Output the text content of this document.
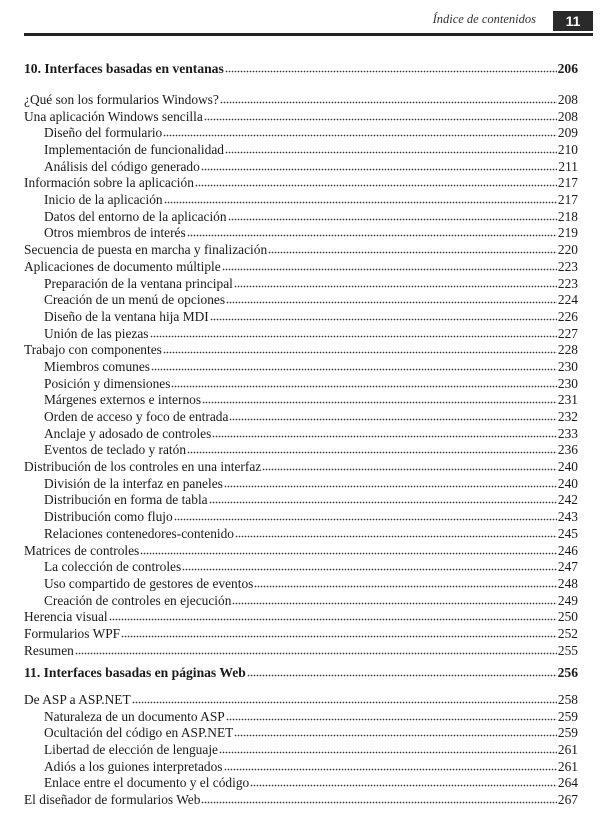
Índice de contenidos	11
10. Interfaces basadas en ventanas	206
¿Qué son los formularios Windows?	208
Una aplicación Windows sencilla	208
Diseño del formulario	209
Implementación de funcionalidad	210
Análisis del código generado	211
Información sobre la aplicación	217
Inicio de la aplicación	217
Datos del entorno de la aplicación	218
Otros miembros de interés	219
Secuencia de puesta en marcha y finalización	220
Aplicaciones de documento múltiple	223
Preparación de la ventana principal	223
Creación de un menú de opciones	224
Diseño de la ventana hija MDI	226
Unión de las piezas	227
Trabajo con componentes	228
Miembros comunes	230
Posición y dimensiones	230
Márgenes externos e internos	231
Orden de acceso y foco de entrada	232
Anclaje y adosado de controles	233
Eventos de teclado y ratón	236
Distribución de los controles en una interfaz	240
División de la interfaz en paneles	240
Distribución en forma de tabla	242
Distribución como flujo	243
Relaciones contenedores-contenido	245
Matrices de controles	246
La colección de controles	247
Uso compartido de gestores de eventos	248
Creación de controles en ejecución	249
Herencia visual	250
Formularios WPF	252
Resumen	255
11. Interfaces basadas en páginas Web	256
De ASP a ASP.NET	258
Naturaleza de un documento ASP	259
Ocultación del código en ASP.NET	259
Libertad de elección de lenguaje	261
Adiós a los guiones interpretados	261
Enlace entre el documento y el código	264
El diseñador de formularios Web	267
